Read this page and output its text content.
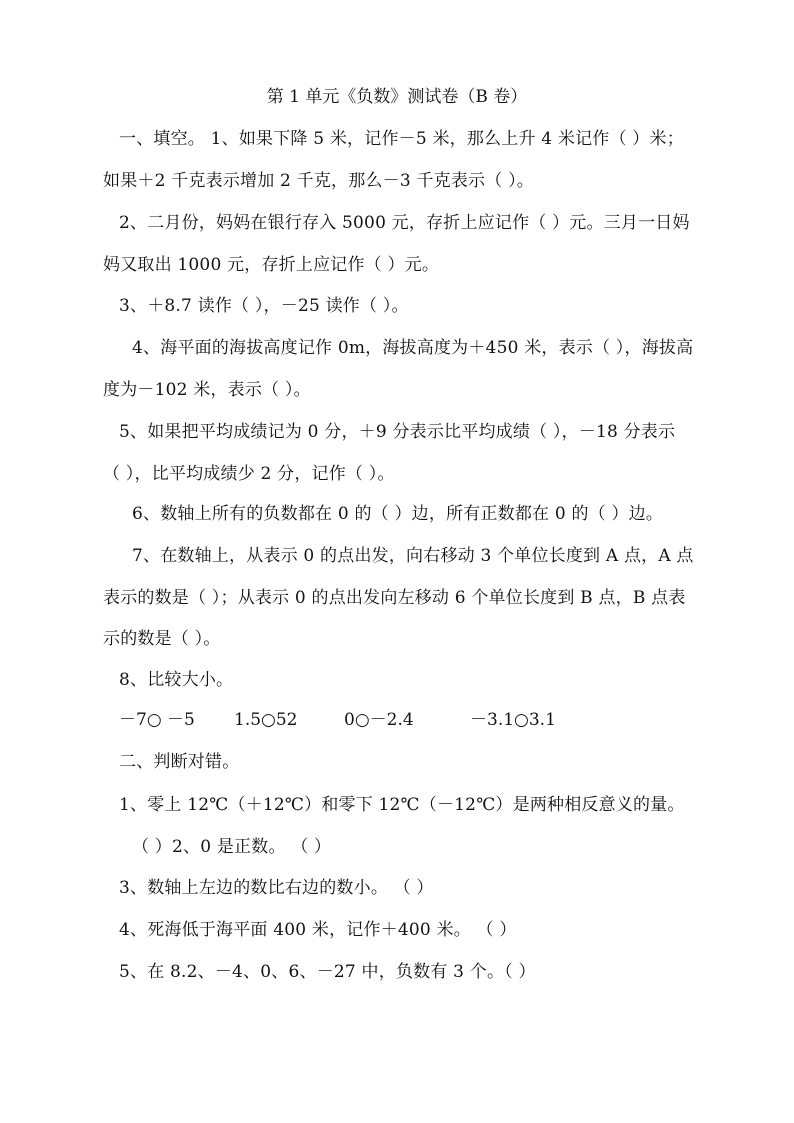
第 1 单元《负数》测试卷（B 卷）
一、填空。 1、如果下降 5 米，记作－5 米，那么上升 4 米记作（ ）米；
如果＋2 千克表示增加 2 千克，那么－3 千克表示（ ）。
2、二月份，妈妈在银行存入 5000 元，存折上应记作（ ）元。三月一日妈
妈又取出 1000 元，存折上应记作（ ）元。
3、＋8.7 读作（ ），－25 读作（ ）。
4、海平面的海拔高度记作 0m，海拔高度为＋450 米，表示（ ），海拔高
度为－102 米，表示（ ）。
5、如果把平均成绩记为 0 分，＋9 分表示比平均成绩（ ），－18 分表示
（ ），比平均成绩少 2 分，记作（ ）。
6、数轴上所有的负数都在 0 的（ ）边，所有正数都在 0 的（ ）边。
7、在数轴上，从表示 0 的点出发，向右移动 3 个单位长度到 A 点，A 点
表示的数是（ ）；从表示 0 的点出发向左移动 6 个单位长度到 B 点，B 点表
示的数是（ ）。
8、比较大小。
－7○ －5 1.5○52	0○－2.4	－3.1○3.1
二、判断对错。
1、零上 12℃（＋12℃）和零下 12℃（－12℃）是两种相反意义的量。
（ ）2、0 是正数。 （ ）
3、数轴上左边的数比右边的数小。 （ ）
4、死海低于海平面 400 米，记作＋400 米。 （ ）
5、在 8.2、－4、0、6、－27 中，负数有 3 个。（ ）
